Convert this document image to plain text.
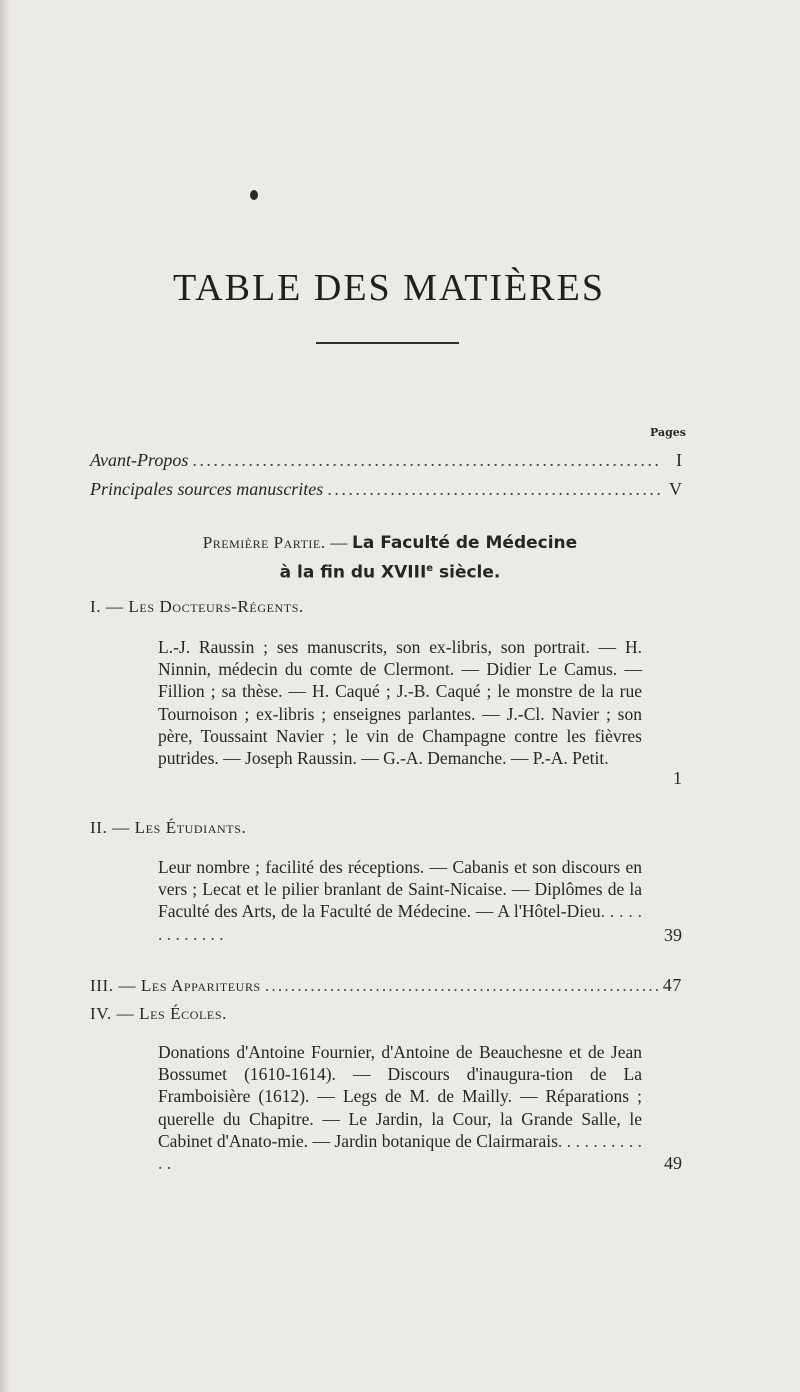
TABLE DES MATIÈRES
Pages
Avant-Propos . . .	I
Principales sources manuscrites . . .	V
Première Partie. — La Faculté de Médecine
à la fin du XVIIIe siècle.
I. — Les Docteurs-Régents.
L.-J. Raussin ; ses manuscrits, son ex-libris, son portrait. — H. Ninnin, médecin du comte de Clermont. — Didier Le Camus. — Fillion ; sa thèse. — H. Caqué ; J.-B. Caqué ; le monstre de la rue Tournoison ; ex-libris ; enseignes parlantes. — J.-Cl. Navier ; son père, Toussaint Navier ; le vin de Champagne contre les fièvres putrides. — Joseph Raussin. — G.-A. Demanche. — P.-A. Petit.
1
II. — Les Étudiants.
Leur nombre ; facilité des réceptions. — Cabanis et son discours en vers ; Lecat et le pilier branlant de Saint-Nicaise. — Diplômes de la Faculté des Arts, de la Faculté de Médecine. — A l'Hôtel-Dieu. . . . . . . . . . . . .	39
III. — Les Appariteurs . . .	47
IV. — Les Écoles.
Donations d'Antoine Fournier, d'Antoine de Beauchesne et de Jean Bossumet (1610-1614). — Discours d'inaugura-tion de La Framboisière (1612). — Legs de M. de Mailly. — Réparations ; querelle du Chapitre. — Le Jardin, la Cour, la Grande Salle, le Cabinet d'Anato-mie. — Jardin botanique de Clairmarais. . . . . . . . . . . .	49
